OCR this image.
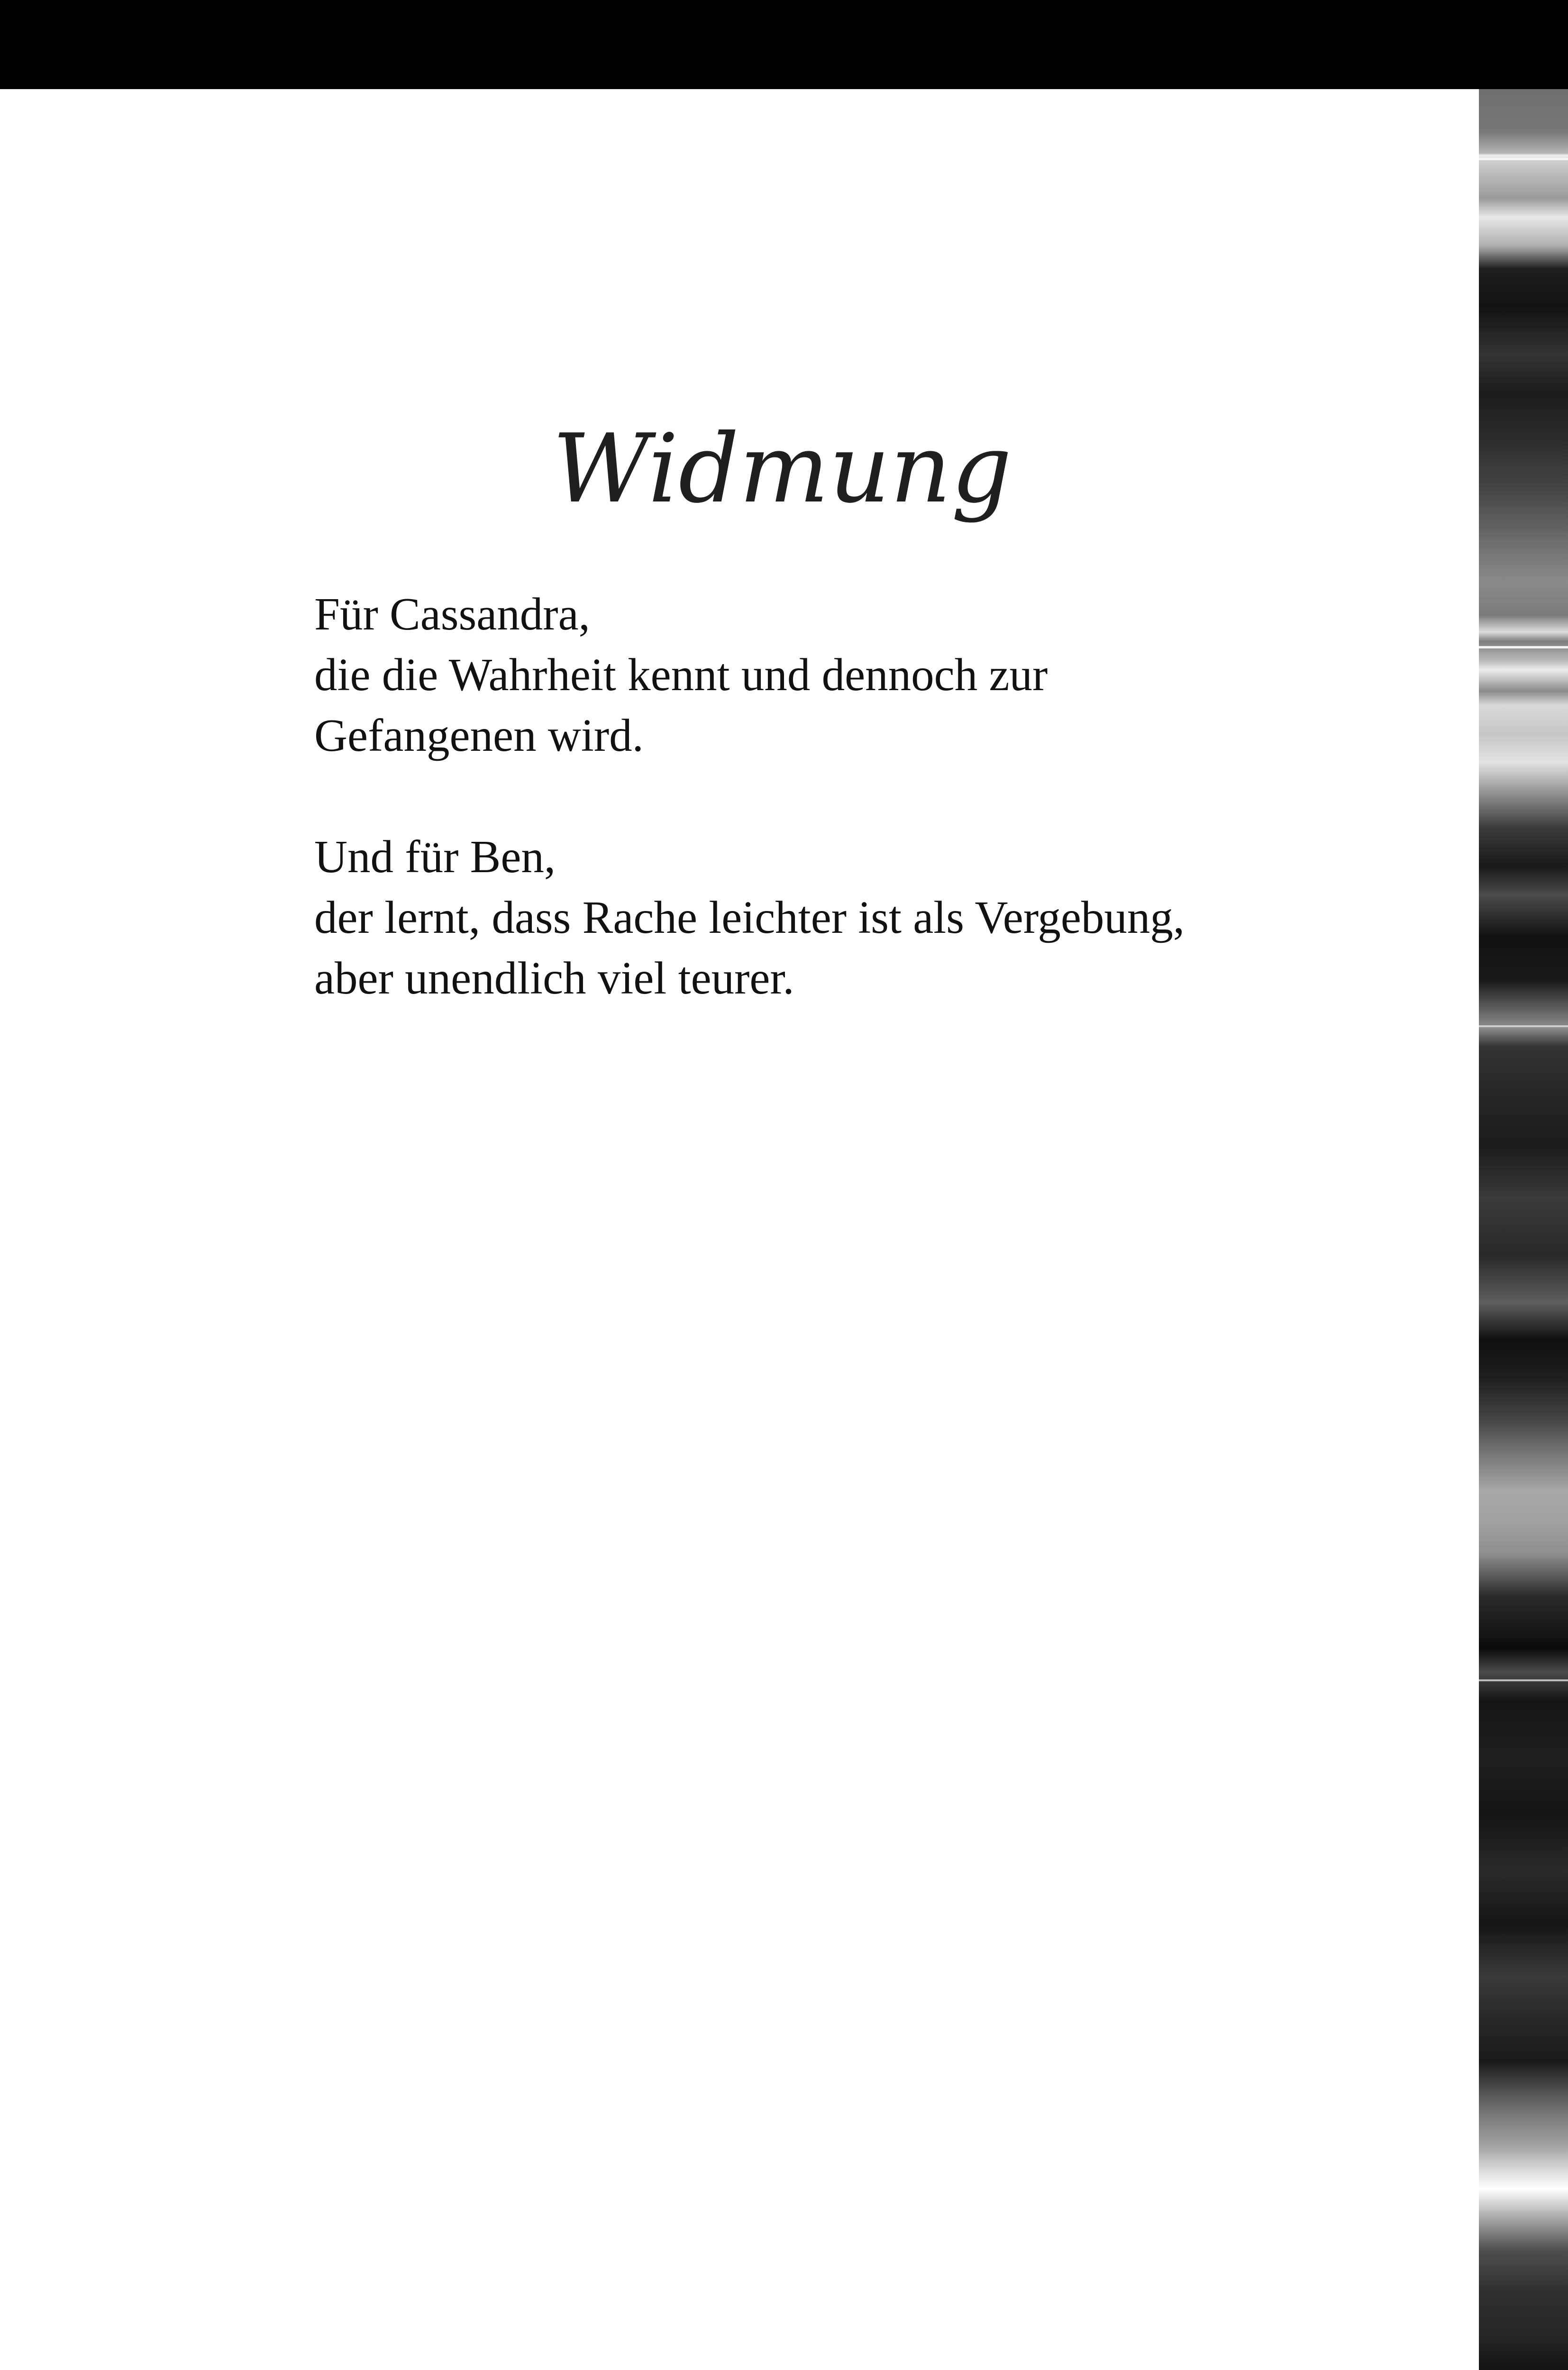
Widmung
Für Cassandra,
die die Wahrheit kennt und dennoch zur
Gefangenen wird.
Und für Ben,
der lernt, dass Rache leichter ist als Vergebung,
aber unendlich viel teurer.
